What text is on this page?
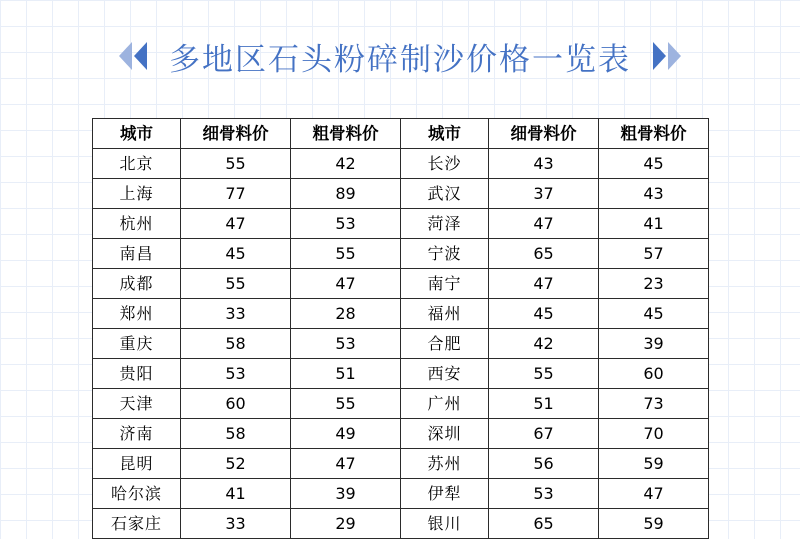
多地区石头粉碎制沙价格一览表
城市	细骨料价	粗骨料价	城市	细骨料价	粗骨料价
北京	55	42	长沙	43	45
上海	77	89	武汉	37	43
杭州	47	53	菏泽	47	41
南昌	45	55	宁波	65	57
成都	55	47	南宁	47	23
郑州	33	28	福州	45	45
重庆	58	53	合肥	42	39
贵阳	53	51	西安	55	60
天津	60	55	广州	51	73
济南	58	49	深圳	67	70
昆明	52	47	苏州	56	59
哈尔滨	41	39	伊犁	53	47
石家庄	33	29	银川	65	59
